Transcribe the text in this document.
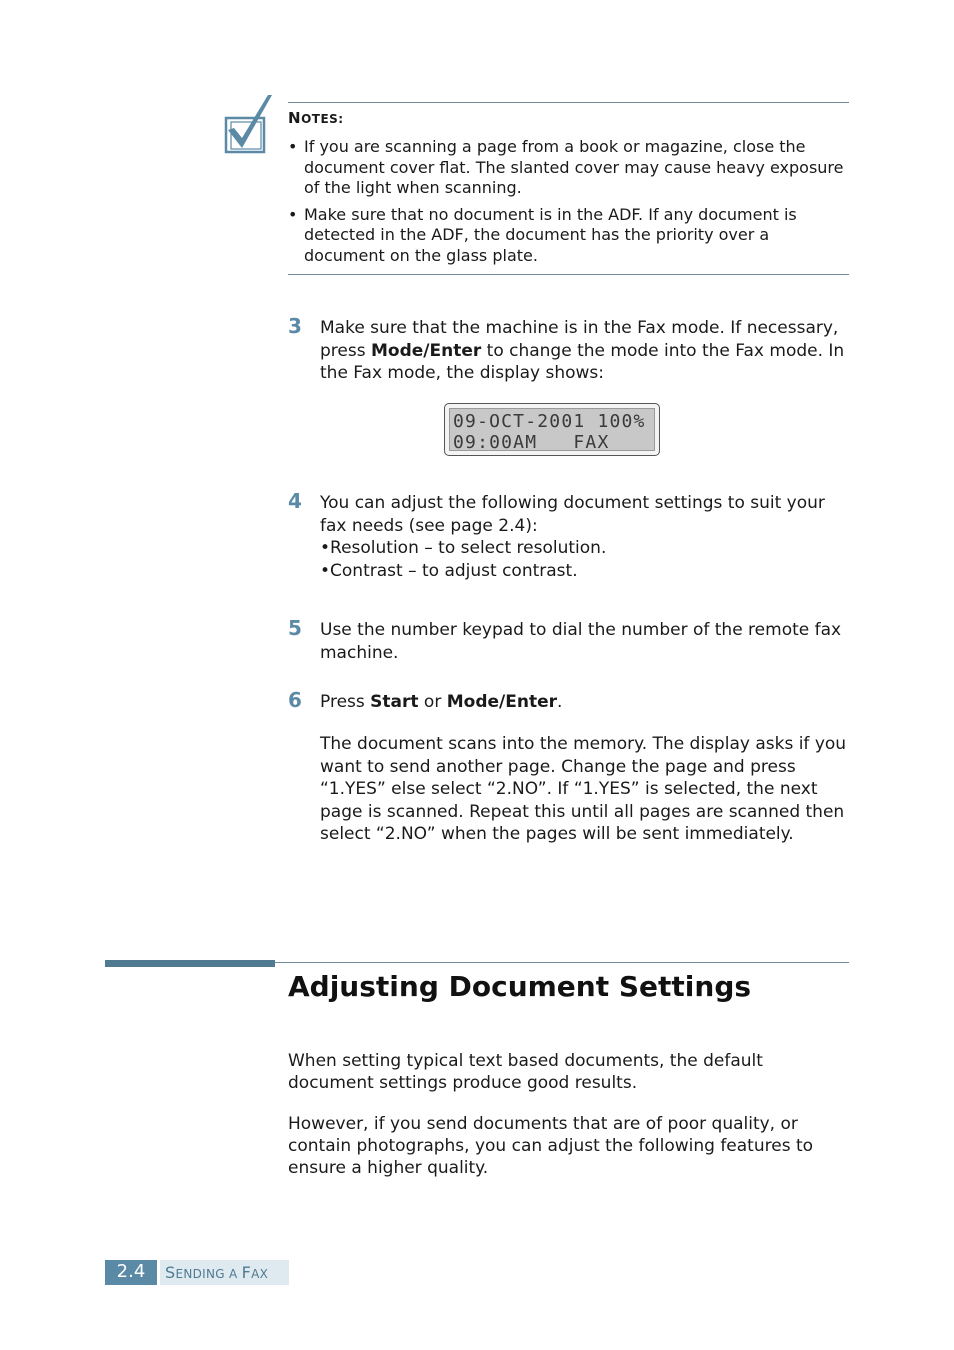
NOTES:
• If you are scanning a page from a book or magazine, close the document cover flat. The slanted cover may cause heavy exposure of the light when scanning.
• Make sure that no document is in the ADF. If any document is detected in the ADF, the document has the priority over a document on the glass plate.
3 Make sure that the machine is in the Fax mode. If necessary, press Mode/Enter to change the mode into the Fax mode. In the Fax mode, the display shows:

09-OCT-2001 100%
09:00AM   FAX
4 You can adjust the following document settings to suit your fax needs (see page 2.4):

•Resolution – to select resolution.

•Contrast – to adjust contrast.

5 Use the number keypad to dial the number of the remote fax machine.
6 Press Start or Mode/Enter.

The document scans into the memory. The display asks if you want to send another page. Change the page and press “1.YES” else select “2.NO”. If “1.YES” is selected, the next page is scanned. Repeat this until all pages are scanned then select “2.NO” when the pages will be sent immediately.
Adjusting Document Settings
When setting typical text based documents, the default document settings produce good results.
However, if you send documents that are of poor quality, or contain photographs, you can adjust the following features to ensure a higher quality.
2.4	SENDING A FAX
